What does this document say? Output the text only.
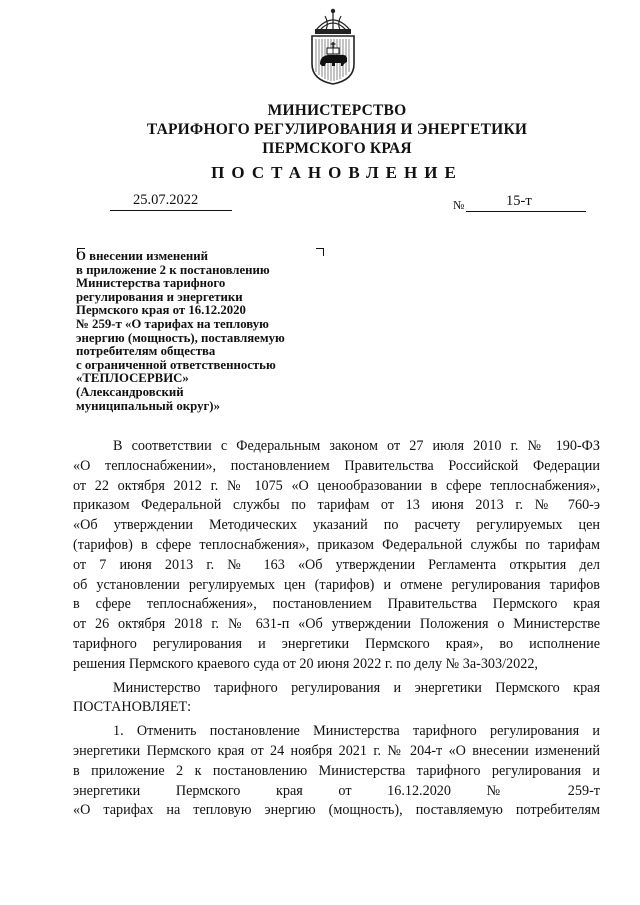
МИНИСТЕРСТВО
ТАРИФНОГО РЕГУЛИРОВАНИЯ И ЭНЕРГЕТИКИ
ПЕРМСКОГО КРАЯ
ПОСТАНОВЛЕНИЕ
25.07.2022	№	15-т
О внесении изменений
в приложение 2 к постановлению
Министерства тарифного
регулирования и энергетики
Пермского края от 16.12.2020
№ 259-т «О тарифах на тепловую
энергию (мощность), поставляемую
потребителям общества
с ограниченной ответственностью
«ТЕПЛОСЕРВИС»
(Александровский
муниципальный округ)»
В соответствии с Федеральным законом от 27 июля 2010 г. № 190-ФЗ
«О теплоснабжении», постановлением Правительства Российской Федерации
от 22 октября 2012 г. № 1075 «О ценообразовании в сфере теплоснабжения»,
приказом Федеральной службы по тарифам от 13 июня 2013 г. № 760-э
«Об утверждении Методических указаний по расчету регулируемых цен
(тарифов) в сфере теплоснабжения», приказом Федеральной службы по тарифам
от 7 июня 2013 г. № 163 «Об утверждении Регламента открытия дел
об установлении регулируемых цен (тарифов) и отмене регулирования тарифов
в сфере теплоснабжения», постановлением Правительства Пермского края
от 26 октября 2018 г. № 631-п «Об утверждении Положения о Министерстве
тарифного регулирования и энергетики Пермского края», во исполнение
решения Пермского краевого суда от 20 июня 2022 г. по делу № 3а-303/2022,
Министерство тарифного регулирования и энергетики Пермского края
ПОСТАНОВЛЯЕТ:
1. Отменить постановление Министерства тарифного регулирования и
энергетики Пермского края от 24 ноября 2021 г. № 204-т «О внесении изменений
в приложение 2 к постановлению Министерства тарифного регулирования и
энергетики Пермского края от 16.12.2020 № 259-т
«О тарифах на тепловую энергию (мощность), поставляемую потребителям
